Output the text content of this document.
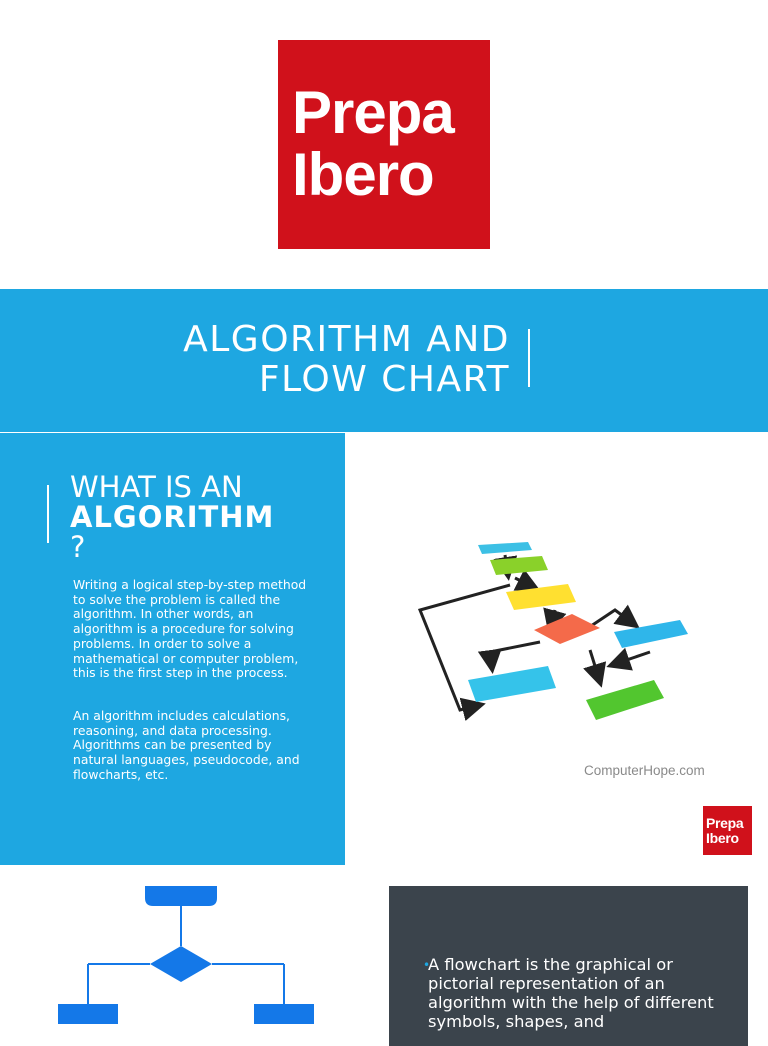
Prepa
Ibero
ALGORITHM AND
FLOW CHART
WHAT IS AN
ALGORITHM
?

Writing a logical step-by-step method to solve the problem is called the algorithm. In other words, an algorithm is a procedure for solving problems. In order to solve a mathematical or computer problem, this is the first step in the process.

An algorithm includes calculations, reasoning, and data processing. Algorithms can be presented by natural languages, pseudocode, and flowcharts, etc.	ComputerHope.com
Prepa
Ibero
•

A flowchart is the graphical or pictorial representation of an algorithm with the help of different symbols, shapes, and
